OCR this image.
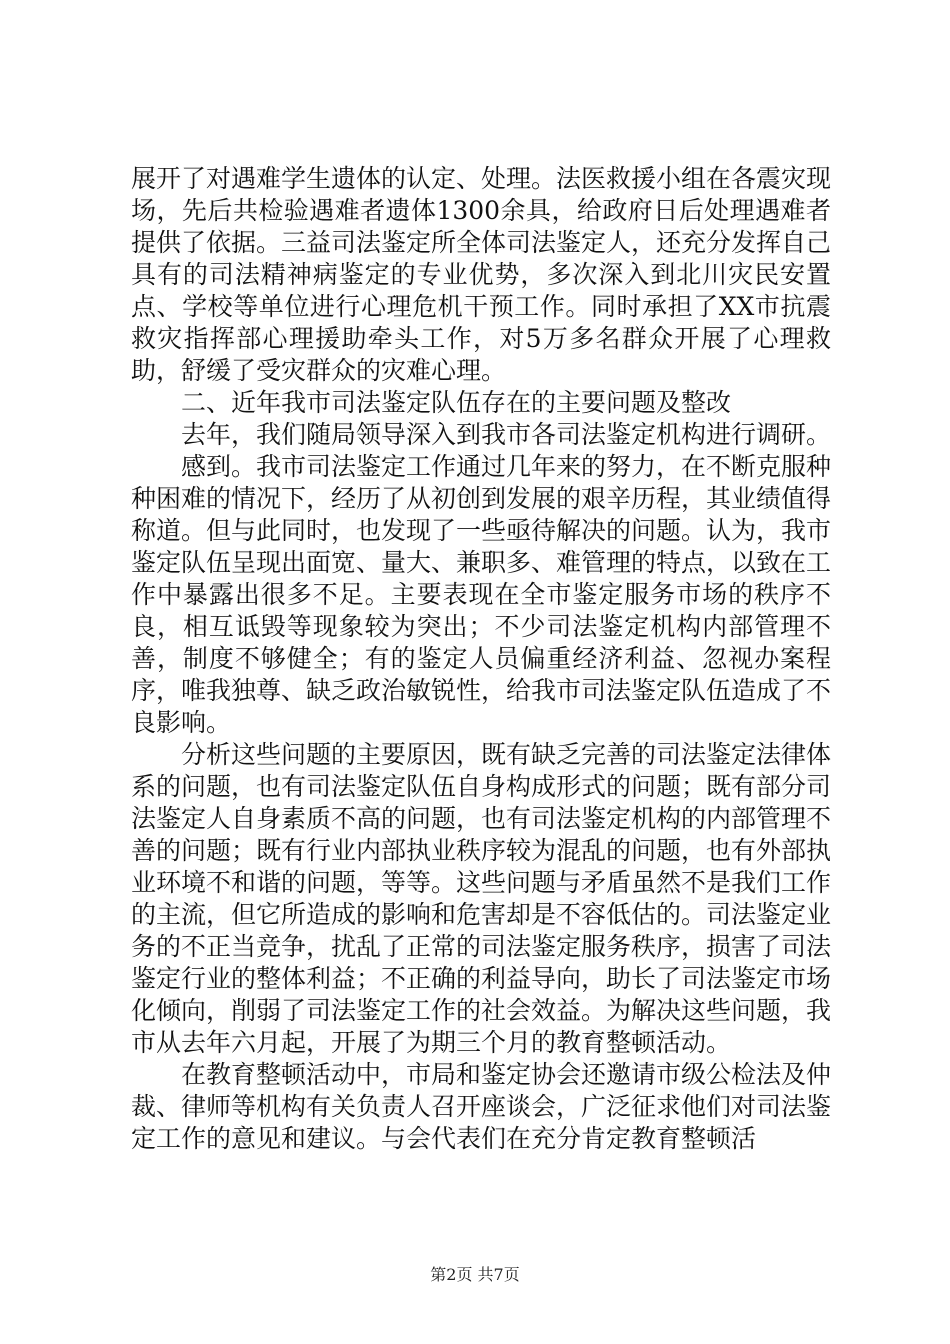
展开了对遇难学生遗体的认定、处理。法医救援小组在各震灾现场，先后共检验遇难者遗体1300余具，给政府日后处理遇难者提供了依据。三益司法鉴定所全体司法鉴定人，还充分发挥自己具有的司法精神病鉴定的专业优势，多次深入到北川灾民安置点、学校等单位进行心理危机干预工作。同时承担了XX市抗震救灾指挥部心理援助牵头工作，对5万多名群众开展了心理救助，舒缓了受灾群众的灾难心理。

二、近年我市司法鉴定队伍存在的主要问题及整改

去年，我们随局领导深入到我市各司法鉴定机构进行调研。

感到。我市司法鉴定工作通过几年来的努力，在不断克服种种困难的情况下，经历了从初创到发展的艰辛历程，其业绩值得称道。但与此同时，也发现了一些亟待解决的问题。认为，我市鉴定队伍呈现出面宽、量大、兼职多、难管理的特点，以致在工作中暴露出很多不足。主要表现在全市鉴定服务市场的秩序不良，相互诋毁等现象较为突出；不少司法鉴定机构内部管理不善，制度不够健全；有的鉴定人员偏重经济利益、忽视办案程序，唯我独尊、缺乏政治敏锐性，给我市司法鉴定队伍造成了不良影响。

分析这些问题的主要原因，既有缺乏完善的司法鉴定法律体系的问题，也有司法鉴定队伍自身构成形式的问题；既有部分司法鉴定人自身素质不高的问题，也有司法鉴定机构的内部管理不善的问题；既有行业内部执业秩序较为混乱的问题，也有外部执业环境不和谐的问题，等等。这些问题与矛盾虽然不是我们工作的主流，但它所造成的影响和危害却是不容低估的。司法鉴定业务的不正当竞争，扰乱了正常的司法鉴定服务秩序，损害了司法鉴定行业的整体利益；不正确的利益导向，助长了司法鉴定市场化倾向，削弱了司法鉴定工作的社会效益。为解决这些问题，我市从去年六月起，开展了为期三个月的教育整顿活动。

在教育整顿活动中，市局和鉴定协会还邀请市级公检法及仲裁、律师等机构有关负责人召开座谈会，广泛征求他们对司法鉴定工作的意见和建议。与会代表们在充分肯定教育整顿活

第2页 共7页
